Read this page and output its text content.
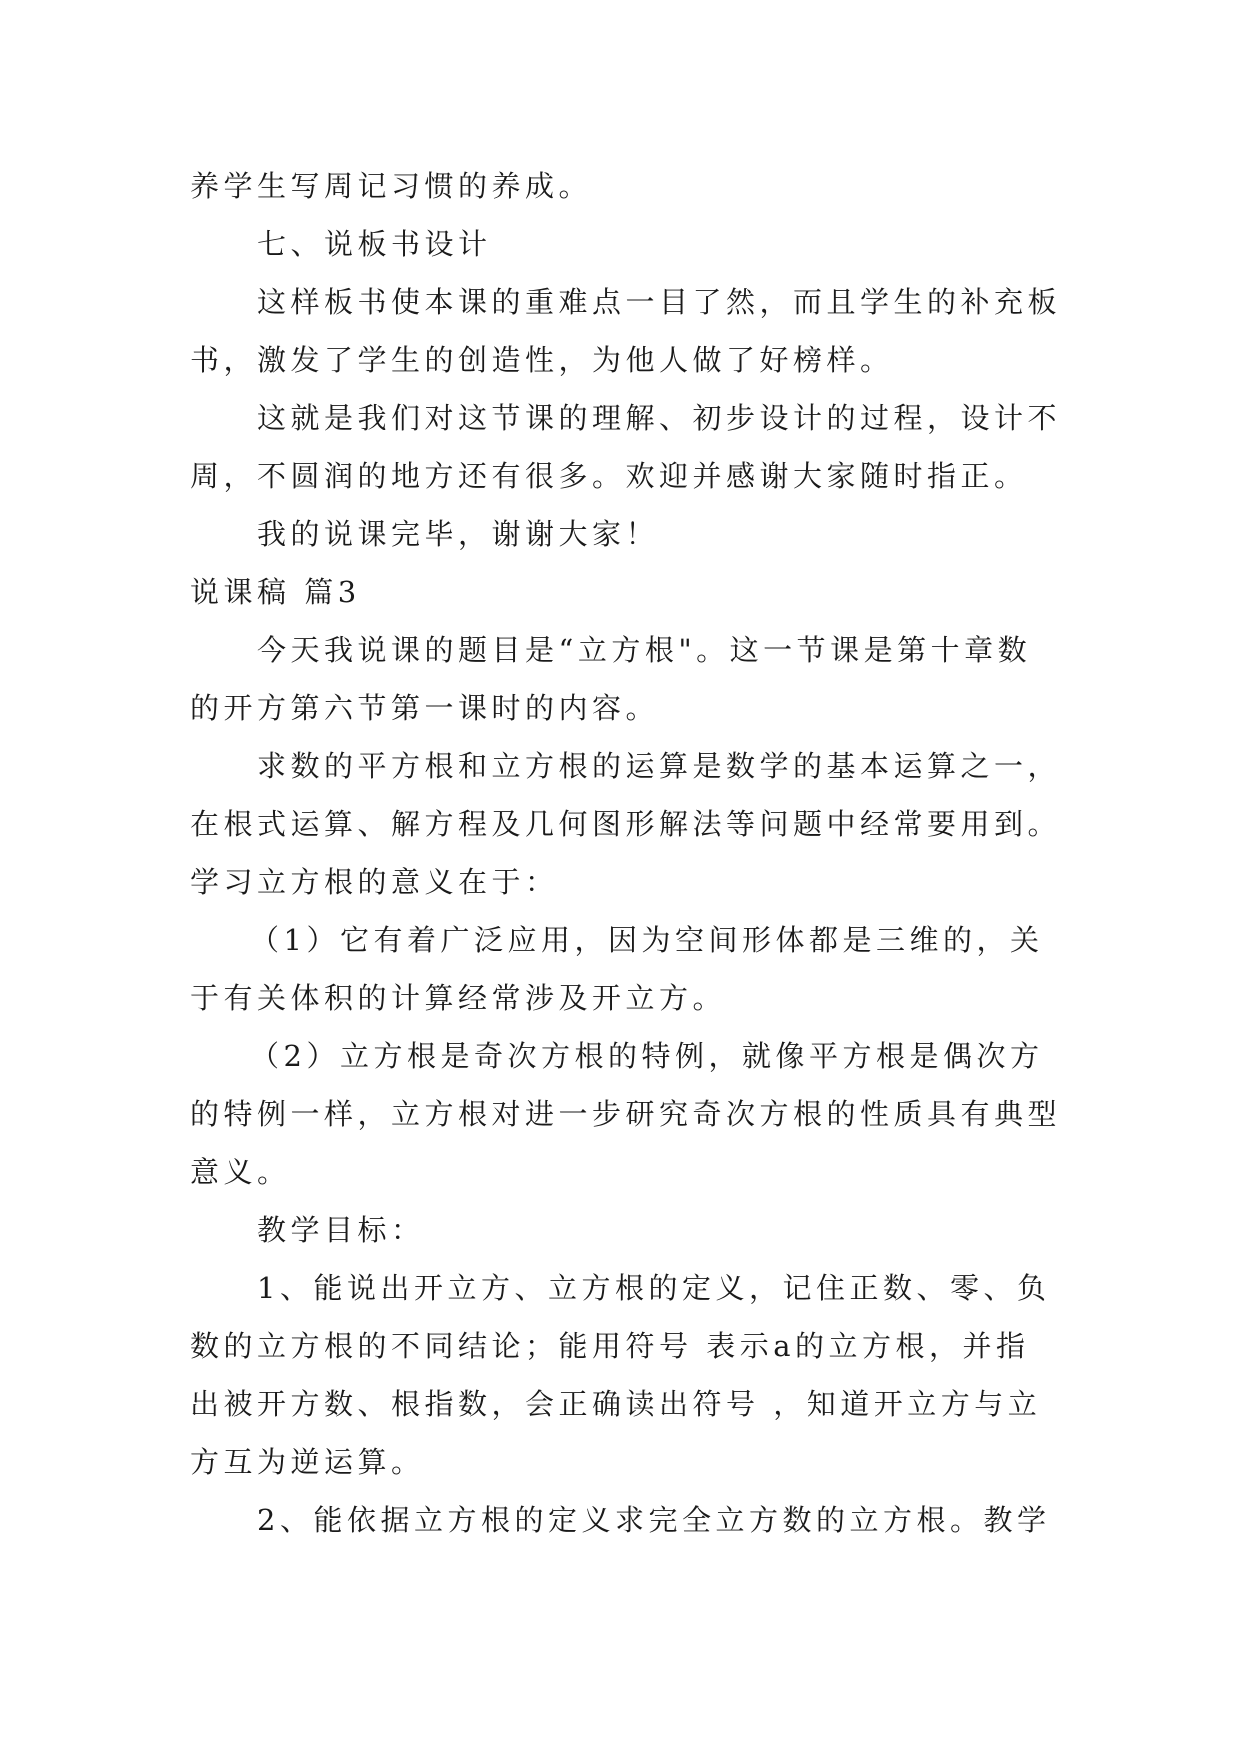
养学生写周记习惯的养成。
七、说板书设计
这样板书使本课的重难点一目了然，而且学生的补充板
书，激发了学生的创造性，为他人做了好榜样。
这就是我们对这节课的理解、初步设计的过程，设计不
周，不圆润的地方还有很多。欢迎并感谢大家随时指正。
我的说课完毕，谢谢大家！
说课稿 篇3
今天我说课的题目是“立方根"。这一节课是第十章数
的开方第六节第一课时的内容。
求数的平方根和立方根的运算是数学的基本运算之一，
在根式运算、解方程及几何图形解法等问题中经常要用到。
学习立方根的意义在于：
（1）它有着广泛应用，因为空间形体都是三维的，关
于有关体积的计算经常涉及开立方。
（2）立方根是奇次方根的特例，就像平方根是偶次方
的特例一样，立方根对进一步研究奇次方根的性质具有典型
意义。
教学目标：
1、能说出开立方、立方根的定义，记住正数、零、负
数的立方根的不同结论；能用符号 表示a的立方根，并指
出被开方数、根指数，会正确读出符号 ，知道开立方与立
方互为逆运算。
2、能依据立方根的定义求完全立方数的立方根。教学
